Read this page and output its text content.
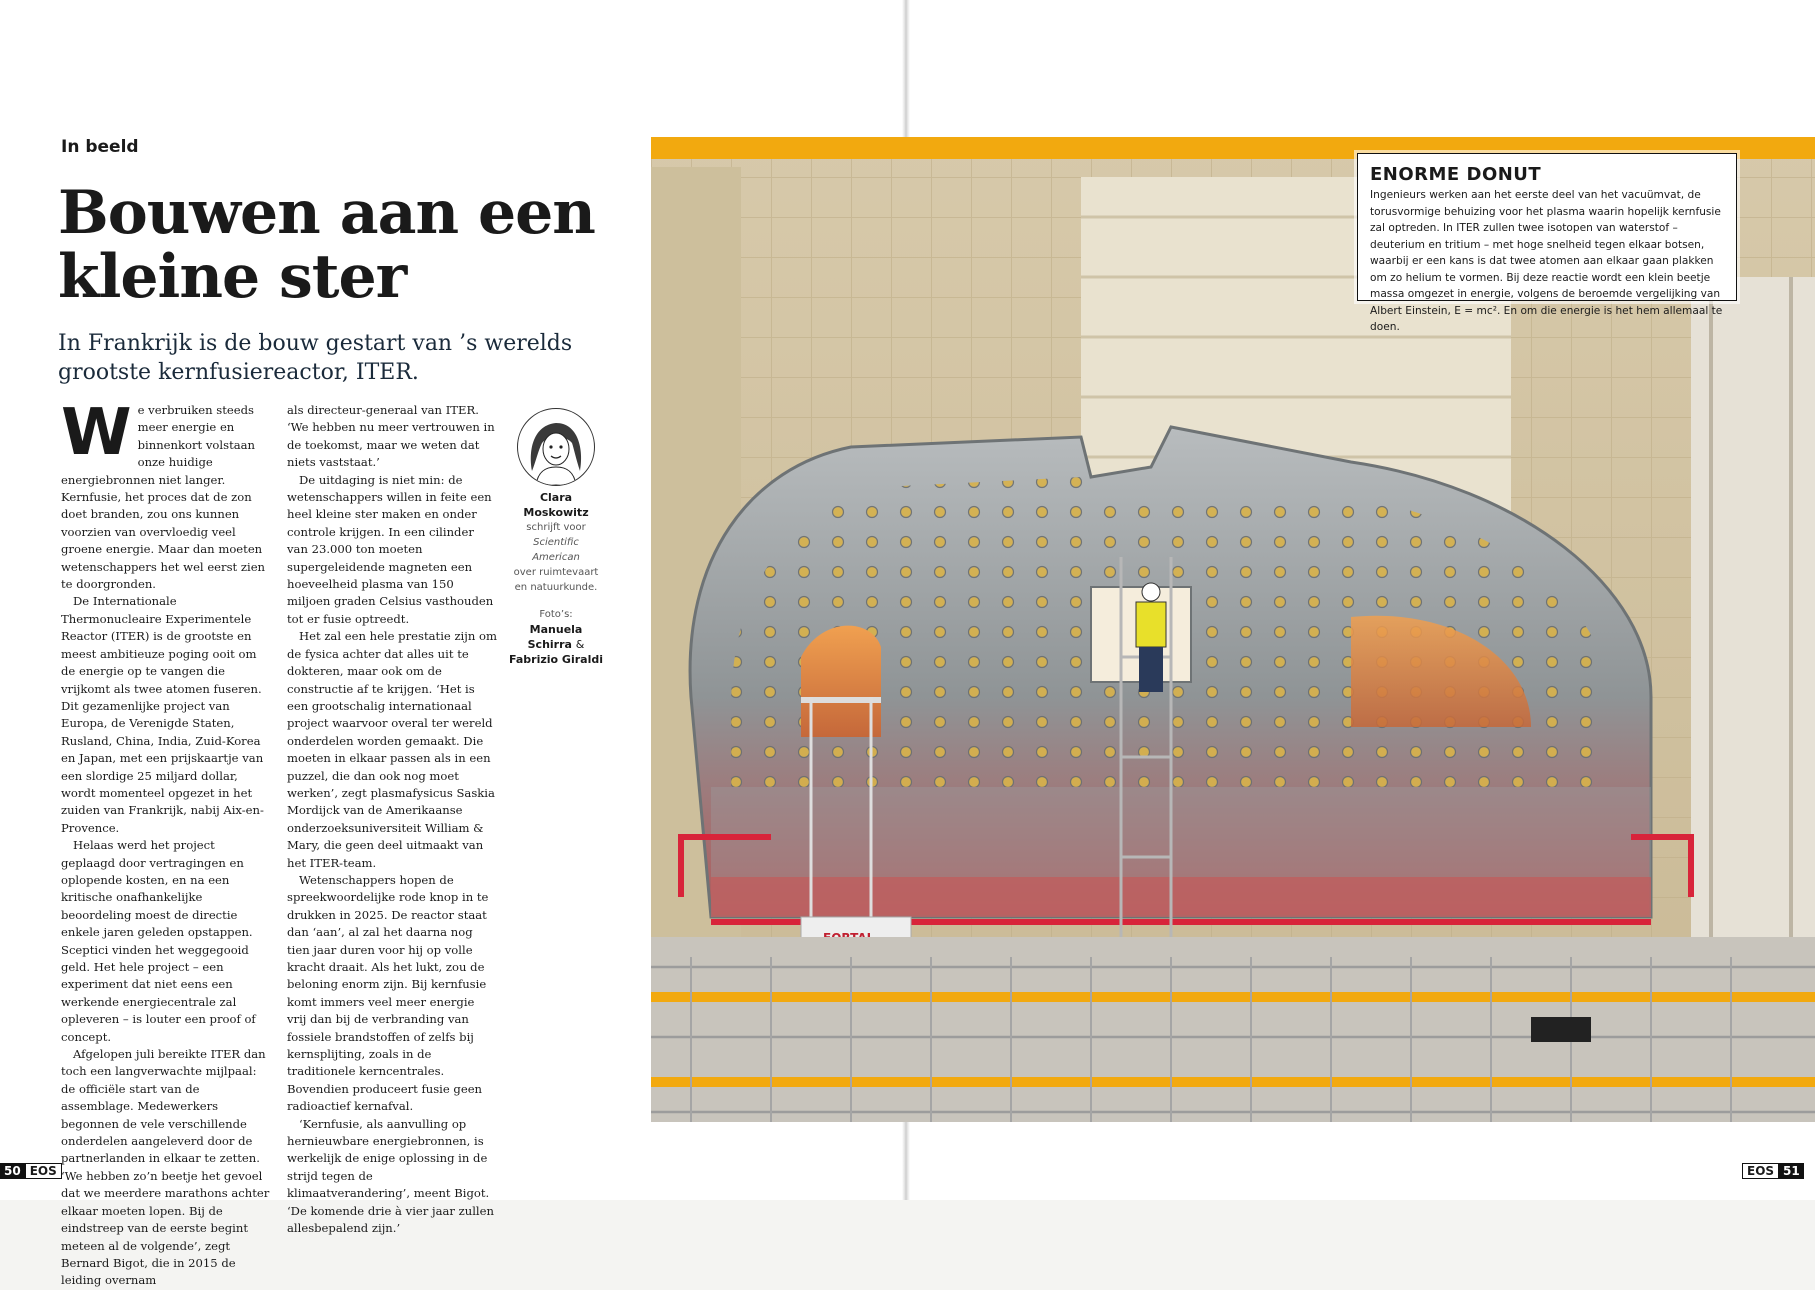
In beeld
Bouwen aan een kleine ster
In Frankrijk is de bouw gestart van ’s werelds grootste kernfusiereactor, ITER.
W e verbruiken steeds meer energie en binnenkort volstaan onze huidige energiebronnen niet langer. Kernfusie, het proces dat de zon doet branden, zou ons kunnen voorzien van overvloedig veel groene energie. Maar dan moeten wetenschappers het wel eerst zien te doorgronden.

De Internationale Thermonucleaire Experimentele Reactor (ITER) is de grootste en meest ambitieuze poging ooit om de energie op te vangen die vrijkomt als twee atomen fuseren. Dit gezamenlijke project van Europa, de Verenigde Staten, Rusland, China, India, Zuid-Korea en Japan, met een prijskaartje van een slordige 25 miljard dollar, wordt momenteel opgezet in het zuiden van Frankrijk, nabij Aix-en-Provence.

Helaas werd het project geplaagd door vertragingen en oplopende kosten, en na een kritische onafhankelijke beoordeling moest de directie enkele jaren geleden opstappen. Sceptici vinden het weggegooid geld. Het hele project – een experiment dat niet eens een werkende energiecentrale zal opleveren – is louter een proof of concept.

Afgelopen juli bereikte ITER dan toch een langverwachte mijlpaal: de officiële start van de assemblage. Medewerkers begonnen de vele verschillende onderdelen aangeleverd door de partnerlanden in elkaar te zetten. ‘We hebben zo’n beetje het gevoel dat we meerdere marathons achter elkaar moeten lopen. Bij de eindstreep van de eerste begint meteen al de volgende’, zegt Bernard Bigot, die in 2015 de leiding overnam

als directeur-generaal van ITER. ‘We hebben nu meer vertrouwen in de toekomst, maar we weten dat niets vaststaat.’

De uitdaging is niet min: de wetenschappers willen in feite een heel kleine ster maken en onder controle krijgen. In een cilinder van 23.000 ton moeten supergeleidende magneten een hoeveelheid plasma van 150 miljoen graden Celsius vasthouden tot er fusie optreedt.

Het zal een hele prestatie zijn om de fysica achter dat alles uit te dokteren, maar ook om de constructie af te krijgen. ‘Het is een grootschalig internationaal project waarvoor overal ter wereld onderdelen worden gemaakt. Die moeten in elkaar passen als in een puzzel, die dan ook nog moet werken’, zegt plasmafysicus Saskia Mordijck van de Amerikaanse onderzoeksuniversiteit William & Mary, die geen deel uitmaakt van het ITER-team.

Wetenschappers hopen de spreekwoordelijke rode knop in te drukken in 2025. De reactor staat dan ‘aan’, al zal het daarna nog tien jaar duren voor hij op volle kracht draait. Als het lukt, zou de beloning enorm zijn. Bij kernfusie komt immers veel meer energie vrij dan bij de verbranding van fossiele brandstoffen of zelfs bij kernsplijting, zoals in de traditionele kerncentrales. Bovendien produceert fusie geen radioactief kernafval.

‘Kernfusie, als aanvulling op hernieuwbare energiebronnen, is werkelijk de enige oplossing in de strijd tegen de klimaatverandering’, meent Bigot. ‘De komende drie à vier jaar zullen allesbepalend zijn.’

Clara Moskowitz
schrijft voor
Scientific American
over ruimtevaart en natuurkunde.
Foto’s:
Manuela Schirra &
Fabrizio Giraldi
ENORME DONUT
Ingenieurs werken aan het eerste deel van het vacuümvat, de torusvormige behuizing voor het plasma waarin hopelijk kernfusie zal optreden. In ITER zullen twee isotopen van waterstof – deuterium en tritium – met hoge snelheid tegen elkaar botsen, waarbij er een kans is dat twee atomen aan elkaar gaan plakken om zo helium te vormen. Bij deze reactie wordt een klein beetje massa omgezet in energie, volgens de beroemde vergelijking van Albert Einstein, E = mc². En om die energie is het hem allemaal te doen.
50 EOS	EOS 51
